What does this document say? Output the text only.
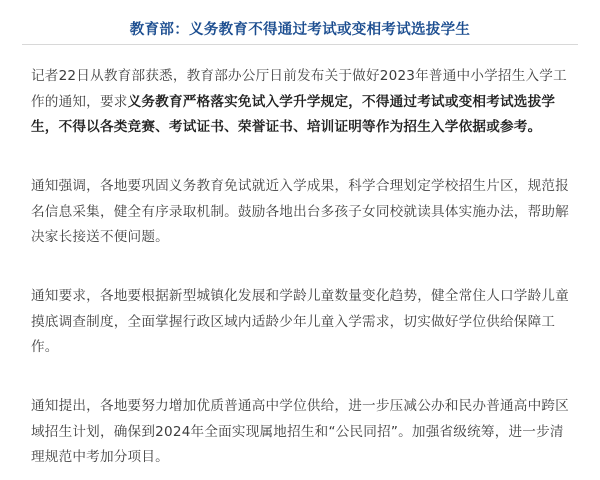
教育部：义务教育不得通过考试或变相考试选拔学生

记者22日从教育部获悉，教育部办公厅日前发布关于做好2023年普通中小学招生入学工作的通知，要求义务教育严格落实免试入学升学规定，不得通过考试或变相考试选拔学生，不得以各类竞赛、考试证书、荣誉证书、培训证明等作为招生入学依据或参考。

通知强调，各地要巩固义务教育免试就近入学成果，科学合理划定学校招生片区，规范报名信息采集，健全有序录取机制。鼓励各地出台多孩子女同校就读具体实施办法，帮助解决家长接送不便问题。

通知要求，各地要根据新型城镇化发展和学龄儿童数量变化趋势，健全常住人口学龄儿童摸底调查制度，全面掌握行政区域内适龄少年儿童入学需求，切实做好学位供给保障工作。

通知提出，各地要努力增加优质普通高中学位供给，进一步压减公办和民办普通高中跨区域招生计划，确保到2024年全面实现属地招生和“公民同招”。加强省级统筹，进一步清理规范中考加分项目。
